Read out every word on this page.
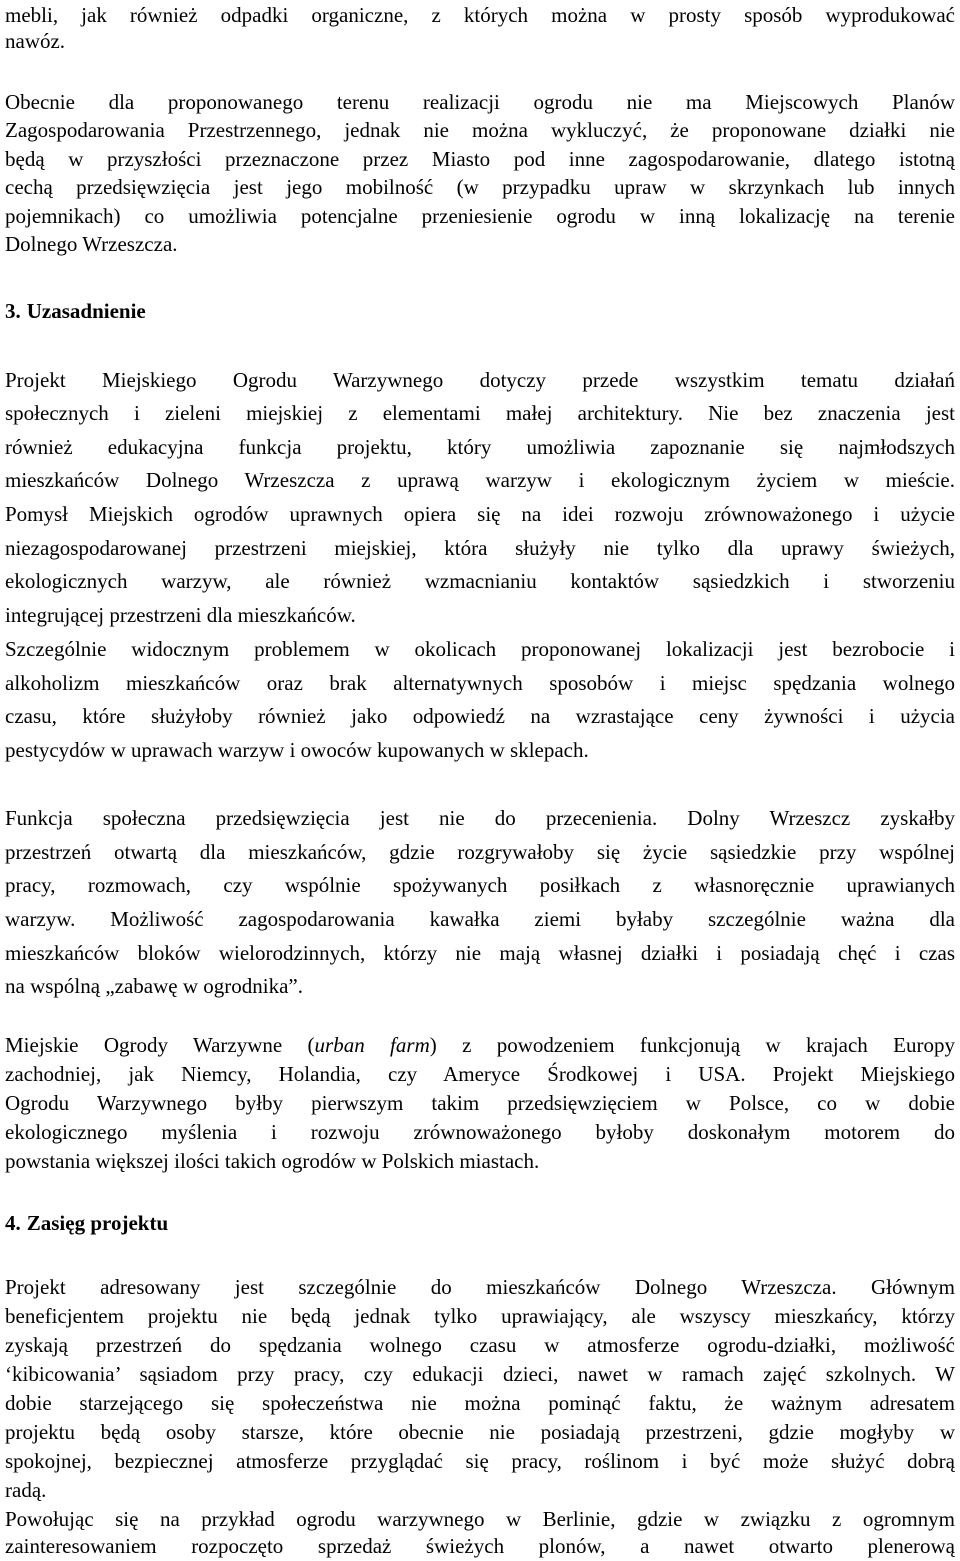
mebli, jak również odpadki organiczne, z których można w prosty sposób wyprodukować
nawóz.
Obecnie dla proponowanego terenu realizacji ogrodu nie ma Miejscowych Planów
Zagospodarowania Przestrzennego, jednak nie można wykluczyć, że proponowane działki nie
będą w przyszłości przeznaczone przez Miasto pod inne zagospodarowanie, dlatego istotną
cechą przedsięwzięcia jest jego mobilność (w przypadku upraw w skrzynkach lub innych
pojemnikach) co umożliwia potencjalne przeniesienie ogrodu w inną lokalizację na terenie
Dolnego Wrzeszcza.
3. Uzasadnienie
Projekt Miejskiego Ogrodu Warzywnego dotyczy przede wszystkim tematu działań
społecznych i zieleni miejskiej z elementami małej architektury. Nie bez znaczenia jest
również edukacyjna funkcja projektu, który umożliwia zapoznanie się najmłodszych
mieszkańców Dolnego Wrzeszcza z uprawą warzyw i ekologicznym życiem w mieście.
Pomysł Miejskich ogrodów uprawnych opiera się na idei rozwoju zrównoważonego i użycie
niezagospodarowanej przestrzeni miejskiej, która służyły nie tylko dla uprawy świeżych,
ekologicznych warzyw, ale również wzmacnianiu kontaktów sąsiedzkich i stworzeniu
integrującej przestrzeni dla mieszkańców.
Szczególnie widocznym problemem w okolicach proponowanej lokalizacji jest bezrobocie i
alkoholizm mieszkańców oraz brak alternatywnych sposobów i miejsc spędzania wolnego
czasu, które służyłoby również jako odpowiedź na wzrastające ceny żywności i użycia
pestycydów w uprawach warzyw i owoców kupowanych w sklepach.
Funkcja społeczna przedsięwzięcia jest nie do przecenienia. Dolny Wrzeszcz zyskałby
przestrzeń otwartą dla mieszkańców, gdzie rozgrywałoby się życie sąsiedzkie przy wspólnej
pracy, rozmowach, czy wspólnie spożywanych posiłkach z własnoręcznie uprawianych
warzyw. Możliwość zagospodarowania kawałka ziemi byłaby szczególnie ważna dla
mieszkańców bloków wielorodzinnych, którzy nie mają własnej działki i posiadają chęć i czas
na wspólną „zabawę w ogrodnika”.
Miejskie Ogrody Warzywne (urban farm) z powodzeniem funkcjonują w krajach Europy
zachodniej, jak Niemcy, Holandia, czy Ameryce Środkowej i USA. Projekt Miejskiego
Ogrodu Warzywnego byłby pierwszym takim przedsięwzięciem w Polsce, co w dobie
ekologicznego myślenia i rozwoju zrównoważonego byłoby doskonałym motorem do
powstania większej ilości takich ogrodów w Polskich miastach.
4. Zasięg projektu
Projekt adresowany jest szczególnie do mieszkańców Dolnego Wrzeszcza. Głównym
beneficjentem projektu nie będą jednak tylko uprawiający, ale wszyscy mieszkańcy, którzy
zyskają przestrzeń do spędzania wolnego czasu w atmosferze ogrodu-działki, możliwość
‘kibicowania’ sąsiadom przy pracy, czy edukacji dzieci, nawet w ramach zajęć szkolnych. W
dobie starzejącego się społeczeństwa nie można pominąć faktu, że ważnym adresatem
projektu będą osoby starsze, które obecnie nie posiadają przestrzeni, gdzie mogłyby w
spokojnej, bezpiecznej atmosferze przyglądać się pracy, roślinom i być może służyć dobrą
radą.
Powołując się na przykład ogrodu warzywnego w Berlinie, gdzie w związku z ogromnym
zainteresowaniem rozpoczęto sprzedaż świeżych plonów, a nawet otwarto plenerową
